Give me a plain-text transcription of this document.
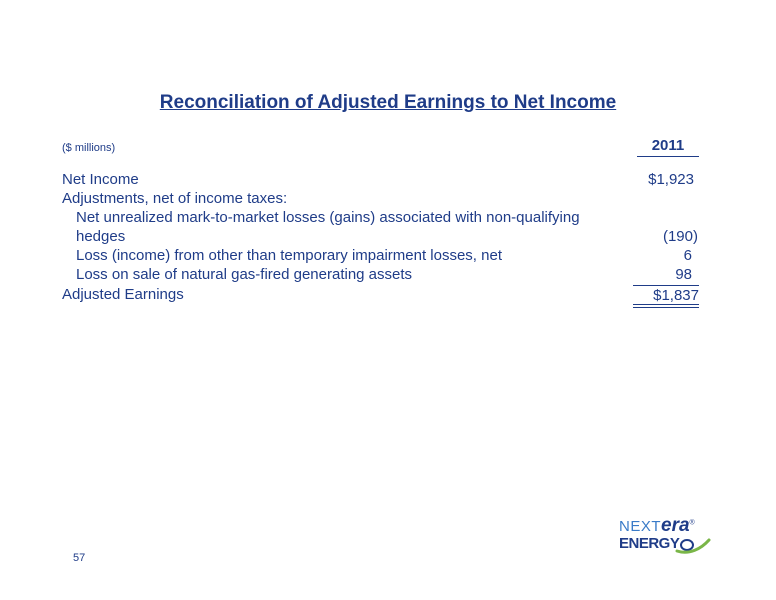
Reconciliation of Adjusted Earnings to Net Income
($ millions)	2011
Net Income	$1,923
Adjustments, net of income taxes:
Net unrealized mark-to-market losses (gains) associated with non-qualifying
hedges	(190)
Loss (income) from other than temporary impairment losses, net	6
Loss on sale of natural gas-fired generating assets	98
Adjusted Earnings	$1,837
57
NEXTera®
ENERGY
